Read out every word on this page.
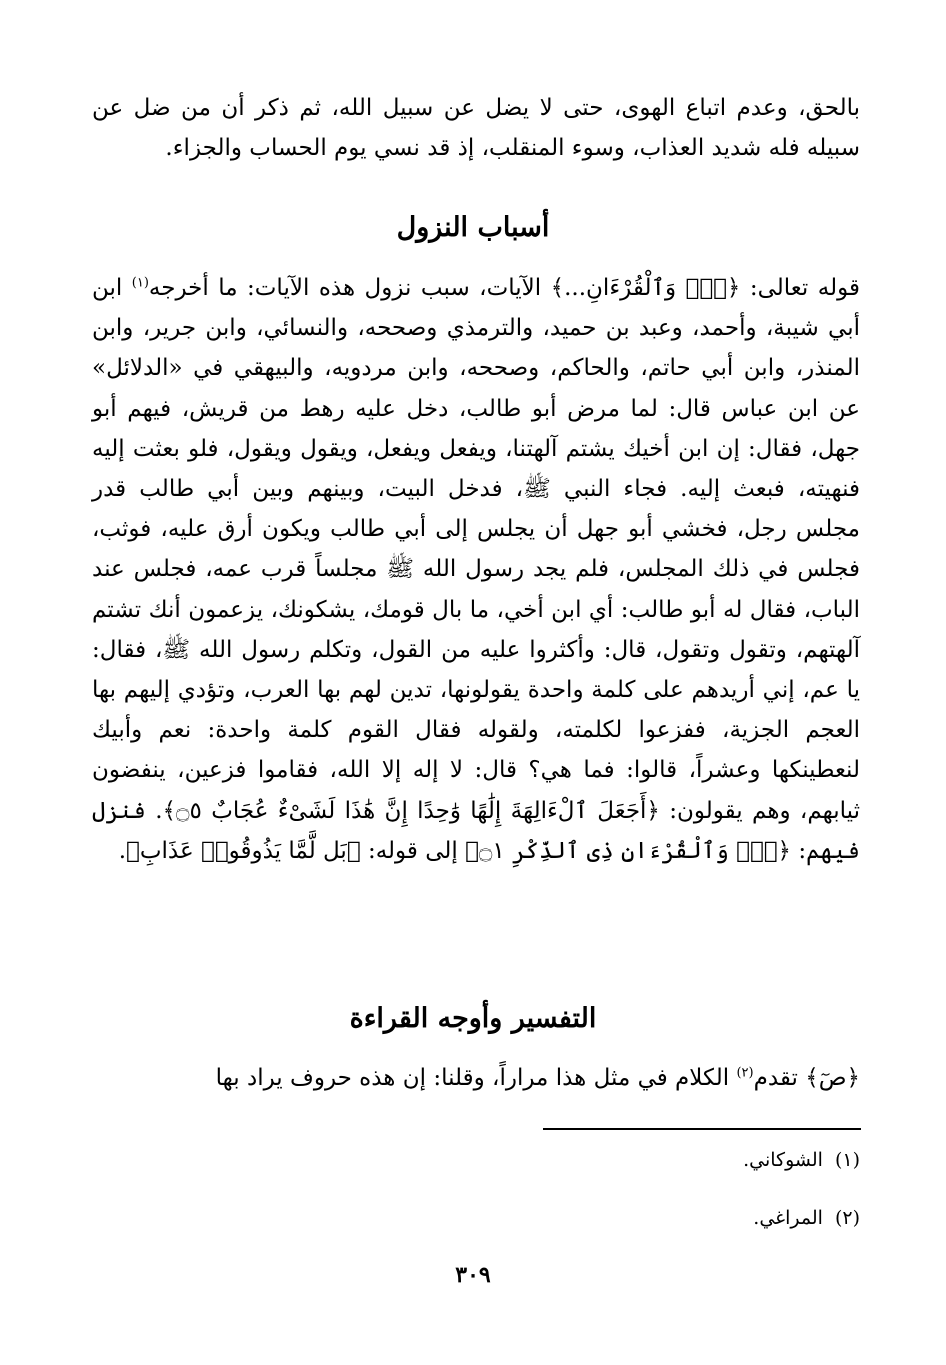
بالحق، وعدم اتباع الهوى، حتى لا يضل عن سبيل الله، ثم ذكر أن من ضل عن سبيله فله شديد العذاب، وسوء المنقلب، إذ قد نسي يوم الحساب والجزاء.

أسباب النزول

قوله تعالى: ﴿صٓۚ وَٱلْقُرْءَانِ...﴾ الآيات، سبب نزول هذه الآيات: ما أخرجه$^{(١)}$ ابن أبي شيبة، وأحمد، وعبد بن حميد، والترمذي وصححه، والنسائي، وابن جرير، وابن المنذر، وابن أبي حاتم، والحاكم، وصححه، وابن مردويه، والبيهقي في «الدلائل» عن ابن عباس قال: لما مرض أبو طالب، دخل عليه رهط من قريش، فيهم أبو جهل، فقال: إن ابن أخيك يشتم آلهتنا، ويفعل ويفعل، ويقول ويقول، فلو بعثت إليه فنهيته، فبعث إليه. فجاء النبي ﷺ، فدخل البيت، وبينهم وبين أبي طالب قدر مجلس رجل، فخشي أبو جهل أن يجلس إلى أبي طالب ويكون أرق عليه، فوثب، فجلس في ذلك المجلس، فلم يجد رسول الله ﷺ مجلساً قرب عمه، فجلس عند الباب، فقال له أبو طالب: أي ابن أخي، ما بال قومك، يشكونك، يزعمون أنك تشتم آلهتهم، وتقول وتقول، قال: وأكثروا عليه من القول، وتكلم رسول الله ﷺ، فقال: يا عم، إني أريدهم على كلمة واحدة يقولونها، تدين لهم بها العرب، وتؤدي إليهم بها العجم الجزية، ففزعوا لكلمته، ولقوله فقال القوم كلمة واحدة: نعم وأبيك لنعطينكها وعشراً، قالوا: فما هي؟ قال: لا إله إلا الله، فقاموا فزعين، ينفضون ثيابهم، وهم يقولون: ﴿أَجَعَلَ ٱلْءَالِهَةَ إِلَٰهًا وَٰحِدًا إِنَّ هَٰذَا لَشَىْءٌ عُجَابٌ ۝٥﴾. فنزل فيهم: ﴿صٓۚ وَٱلْقُرْءَانِ ذِى ٱلذِّكْرِ ۝١﴾ إلى قوله: ﴿بَل لَّمَّا يَذُوقُوا۟ عَذَابِ﴾.

التفسير وأوجه القراءة

﴿صٓ﴾ تقدم$^{(٢)}$ الكلام في مثل هذا مراراً، وقلنا: إن هذه حروف يراد بها

(١)الشوكاني.
(٢)المراغي.
٣٠٩
